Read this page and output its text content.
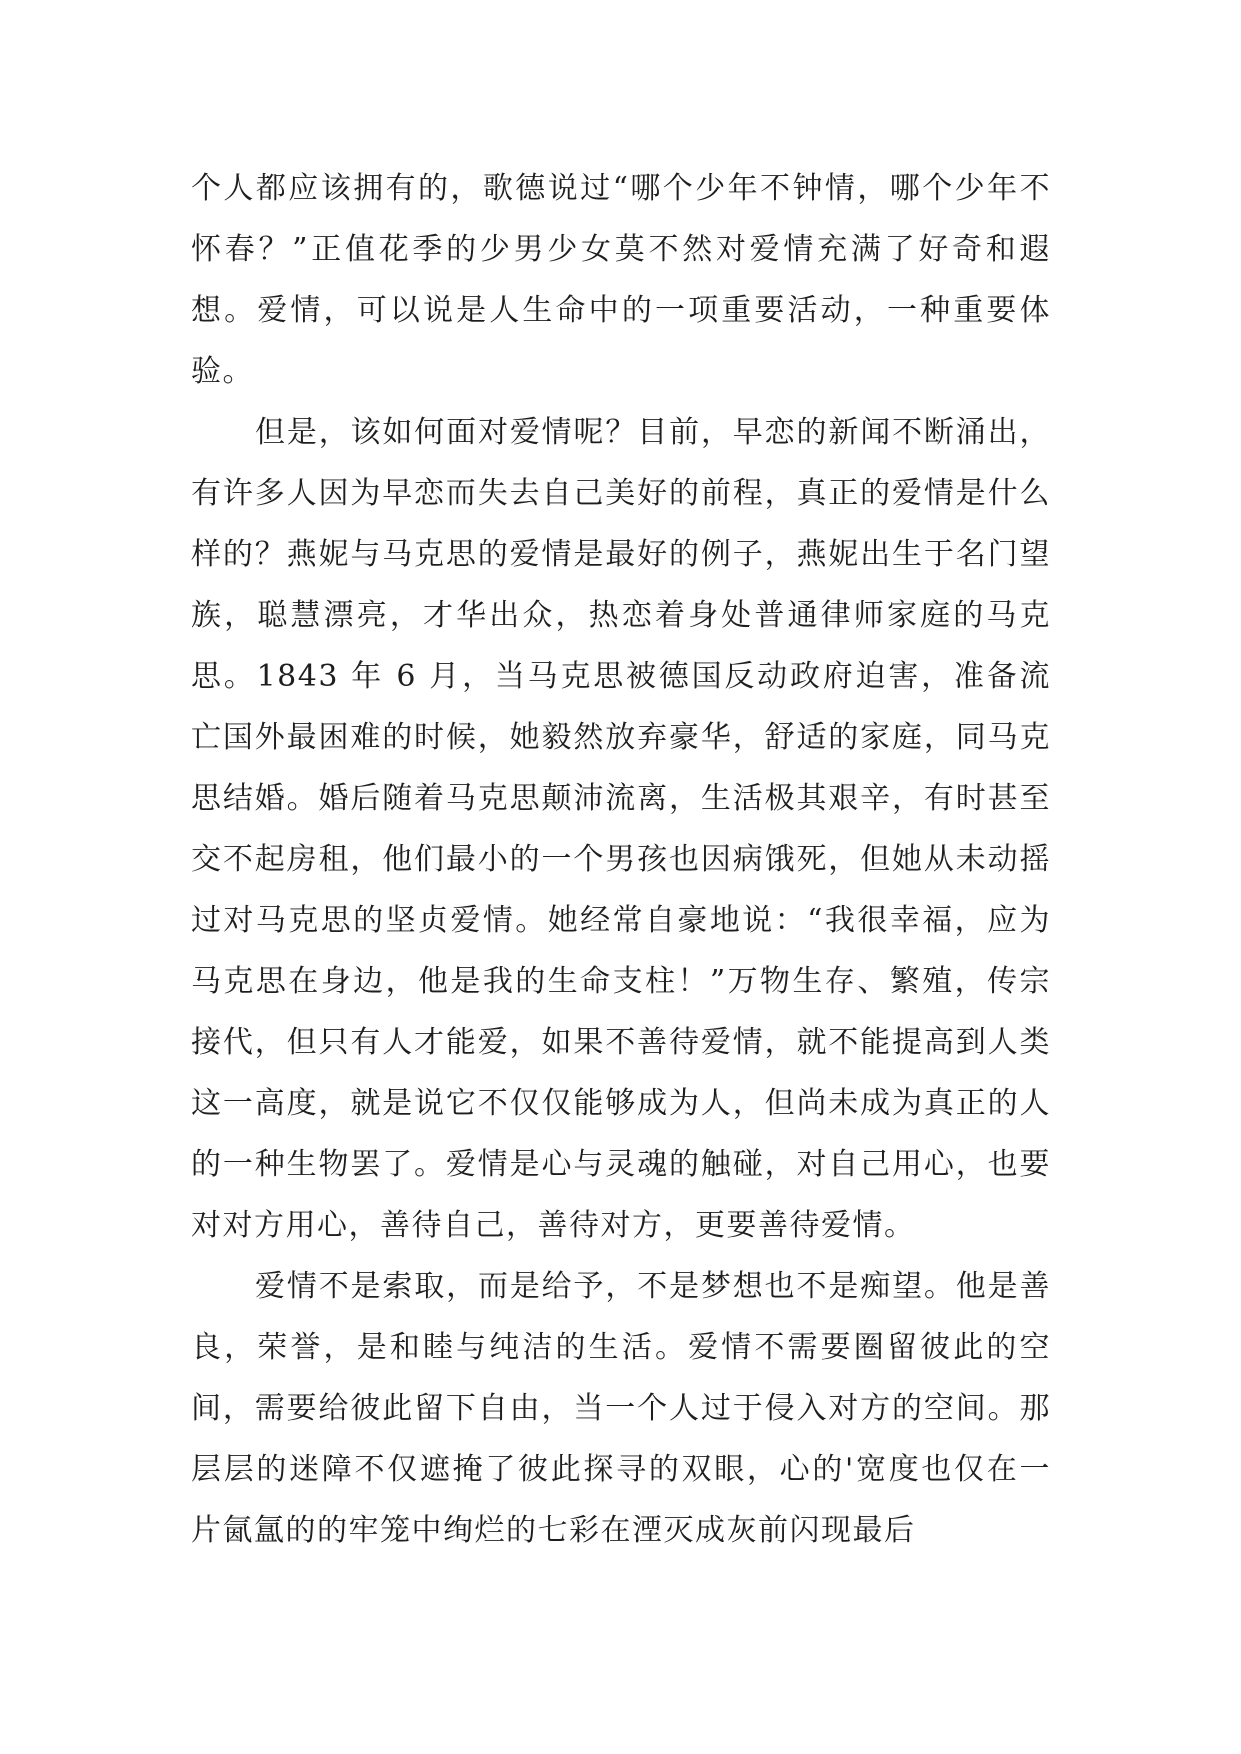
个人都应该拥有的，歌德说过“哪个少年不钟情，哪个少年不怀春？”正值花季的少男少女莫不然对爱情充满了好奇和遐想。爱情，可以说是人生命中的一项重要活动，一种重要体验。

但是，该如何面对爱情呢？目前，早恋的新闻不断涌出，有许多人因为早恋而失去自己美好的前程，真正的爱情是什么样的？燕妮与马克思的爱情是最好的例子，燕妮出生于名门望族，聪慧漂亮，才华出众，热恋着身处普通律师家庭的马克思。1843 年 6 月，当马克思被德国反动政府迫害，准备流亡国外最困难的时候，她毅然放弃豪华，舒适的家庭，同马克思结婚。婚后随着马克思颠沛流离，生活极其艰辛，有时甚至交不起房租，他们最小的一个男孩也因病饿死，但她从未动摇过对马克思的坚贞爱情。她经常自豪地说：“我很幸福，应为马克思在身边，他是我的生命支柱！”万物生存、繁殖，传宗接代，但只有人才能爱，如果不善待爱情，就不能提高到人类这一高度，就是说它不仅仅能够成为人，但尚未成为真正的人的一种生物罢了。爱情是心与灵魂的触碰，对自己用心，也要对对方用心，善待自己，善待对方，更要善待爱情。

爱情不是索取，而是给予，不是梦想也不是痴望。他是善良，荣誉，是和睦与纯洁的生活。爱情不需要圈留彼此的空间，需要给彼此留下自由，当一个人过于侵入对方的空间。那层层的迷障不仅遮掩了彼此探寻的双眼，心的'宽度也仅在一片氤氲的的牢笼中绚烂的七彩在湮灭成灰前闪现最后
